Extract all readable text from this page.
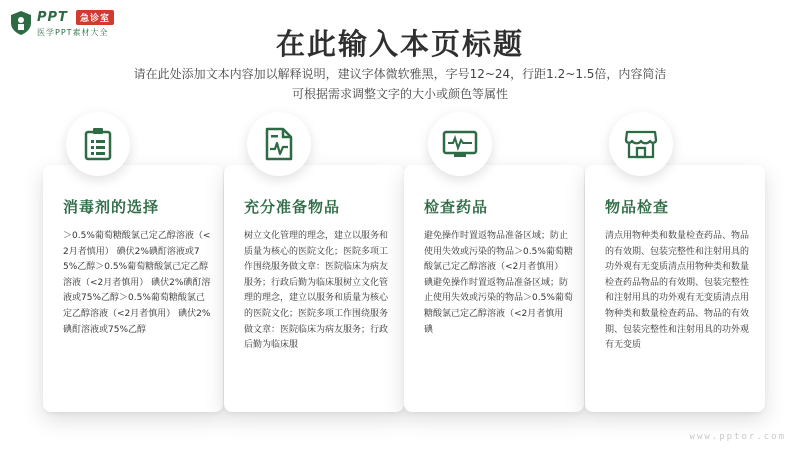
PPT	急诊室
医学PPT素材大全	在此输入本页标题
请在此处添加文本内容加以解释说明，建议字体微软雅黑，字号12~24，行距1.2~1.5倍，内容简洁
可根据需求调整文字的大小或颜色等属性
消毒剂的选择
＞0.5%葡萄糖酸氯己定乙醇溶液（<2月者慎用） 碘伏2%碘酊溶液或75%乙醇＞0.5%葡萄糖酸氯己定乙醇溶液（<2月者慎用） 碘伏2%碘酊溶液或75%乙醇＞0.5%葡萄糖酸氯己定乙醇溶液（<2月者慎用） 碘伏2%碘酊溶液或75%乙醇
充分准备物品
树立文化管理的理念，建立以服务和质量为核心的医院文化；医院多项工作围绕服务做文章：医院临床为病友服务；行政后勤为临床服树立文化管理的理念，建立以服务和质量为核心的医院文化；医院多项工作围绕服务做文章：医院临床为病友服务；行政后勤为临床服
检查药品
避免操作时置返物品准备区域；防止使用失效或污染的物品＞0.5%葡萄糖酸氯己定乙醇溶液（<2月者慎用） 碘避免操作时置返物品准备区域；防止使用失效或污染的物品＞0.5%葡萄糖酸氯己定乙醇溶液（<2月者慎用 碘
物品检查
清点用物种类和数量检查药品、物品的有效期、包装完整性和注射用具的功外观有无变质清点用物种类和数量检查药品物品的有效期、包装完整性和注射用具的功外观有无变质清点用物种类和数量检查药品、物品的有效期、包装完整性和注射用具的功外观有无变质
www.pptor.com
